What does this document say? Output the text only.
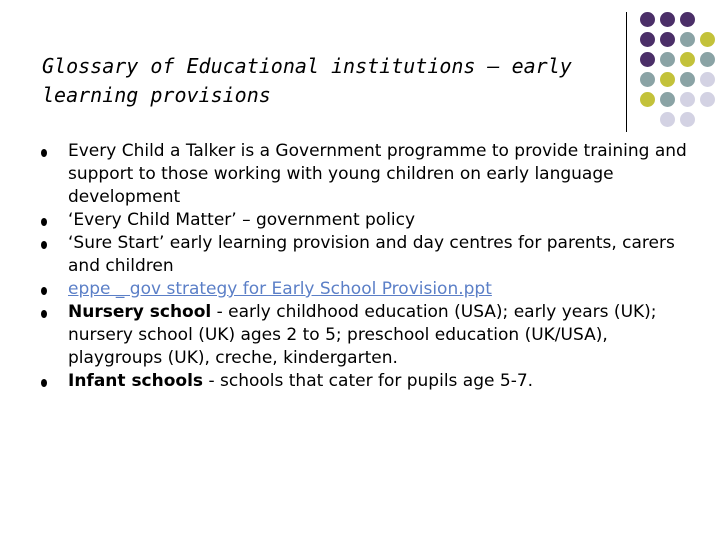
Glossary of Educational institutions – early learning provisions
Every Child a Talker is a Government programme to provide training and support to those working with young children on early language development
‘Every Child Matter’ – government policy
‘Sure Start’ early learning provision and day centres for parents, carers and children
eppe _ gov strategy for Early School Provision.ppt
Nursery school - early childhood education (USA); early years (UK); nursery school (UK) ages 2 to 5; preschool education (UK/USA), playgroups (UK), creche, kindergarten.
Infant schools - schools that cater for pupils age 5-7.
